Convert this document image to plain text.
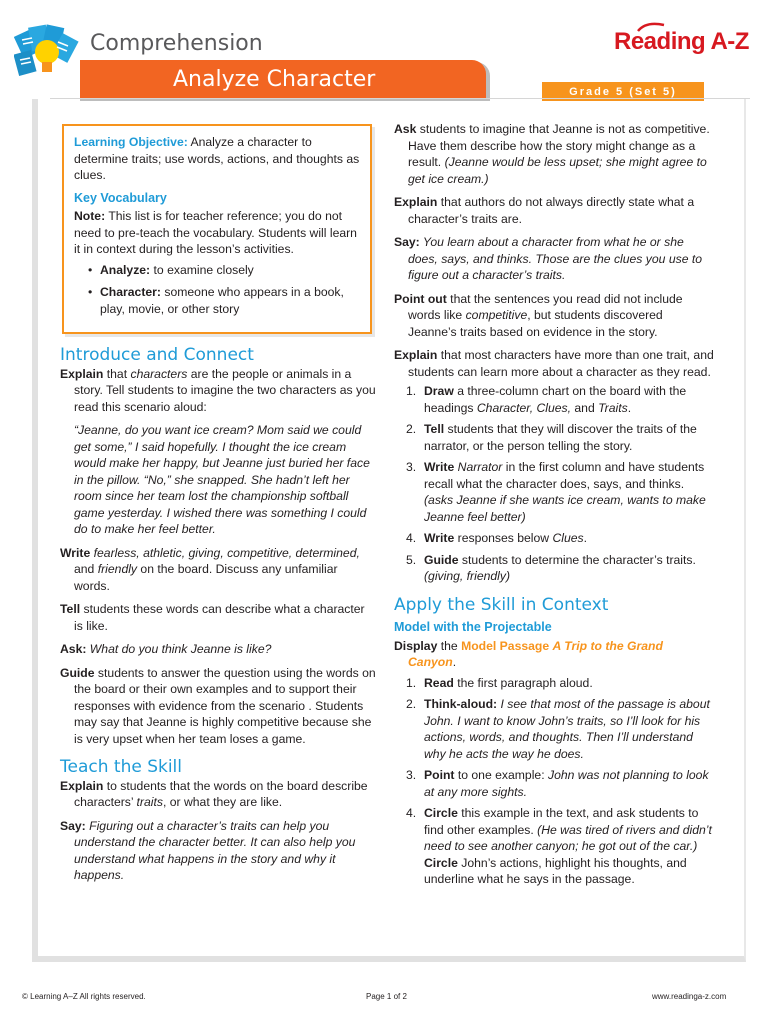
Comprehension	Reading A-Z
Analyze Character	Grade 5 (Set 5)

Learning Objective: Analyze a character to determine traits; use words, actions, and thoughts as clues.

Key Vocabulary

Note: This list is for teacher reference; you do not need to pre-teach the vocabulary. Students will learn it in context during the lesson’s activities.

• Analyze: to examine closely
• Character: someone who appears in a book, play, movie, or other story
Introduce and Connect

Explain that characters are the people or animals in a story. Tell students to imagine the two characters as you read this scenario aloud:

“Jeanne, do you want ice cream? Mom said we could get some,” I said hopefully. I thought the ice cream would make her happy, but Jeanne just buried her face in the pillow. “No,” she snapped. She hadn’t left her room since her team lost the championship softball game yesterday. I wished there was something I could do to make her feel better.

Write fearless, athletic, giving, competitive, determined, and friendly on the board. Discuss any unfamiliar words.

Tell students these words can describe what a character is like.

Ask: What do you think Jeanne is like?

Guide students to answer the question using the words on the board or their own examples and to support their responses with evidence from the scenario . Students may say that Jeanne is highly competitive because she is very upset when her team loses a game.

Teach the Skill

Explain to students that the words on the board describe characters’ traits, or what they are like.

Say: Figuring out a character’s traits can help you understand the character better. It can also help you understand what happens in the story and why it happens.

Ask students to imagine that Jeanne is not as competitive. Have them describe how the story might change as a result. (Jeanne would be less upset; she might agree to get ice cream.)

Explain that authors do not always directly state what a character’s traits are.

Say: You learn about a character from what he or she does, says, and thinks. Those are the clues you use to figure out a character’s traits.

Point out that the sentences you read did not include words like competitive, but students discovered Jeanne’s traits based on evidence in the story.

Explain that most characters have more than one trait, and students can learn more about a character as they read.

1. Draw a three-column chart on the board with the headings Character, Clues, and Traits.
2. Tell students that they will discover the traits of the narrator, or the person telling the story.
3. Write Narrator in the first column and have students recall what the character does, says, and thinks. (asks Jeanne if she wants ice cream, wants to make Jeanne feel better)
4. Write responses below Clues.
5. Guide students to determine the character’s traits. (giving, friendly)
Apply the Skill in Context
Model with the Projectable

Display the Model Passage A Trip to the Grand Canyon.

1. Read the first paragraph aloud.
2. Think-aloud: I see that most of the passage is about John. I want to know John’s traits, so I’ll look for his actions, words, and thoughts. Then I’ll understand why he acts the way he does.
3. Point to one example: John was not planning to look at any more sights.
4. Circle this example in the text, and ask students to find other examples. (He was tired of rivers and didn’t need to see another canyon; he got out of the car.) Circle John’s actions, highlight his thoughts, and underline what he says in the passage.
© Learning A–Z All rights reserved.	Page 1 of 2	www.readinga-z.com
